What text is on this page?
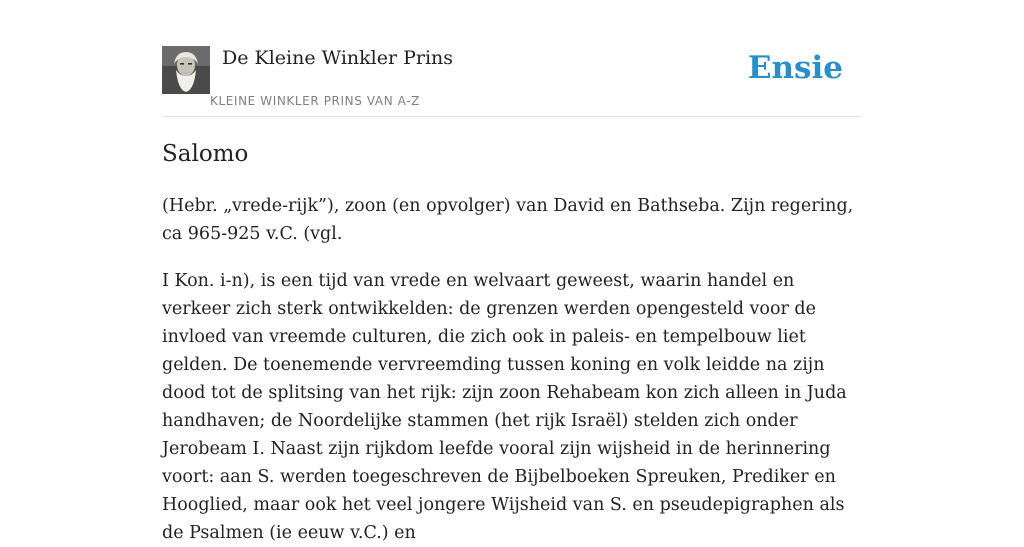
De Kleine Winkler Prins
KLEINE WINKLER PRINS VAN A-Z
Ensie
Salomo

(Hebr. „vrede-rijk”), zoon (en opvolger) van David en Bathseba. Zijn regering, ca 965-925 v.C. (vgl.

I Kon. i-n), is een tijd van vrede en welvaart geweest, waarin handel en verkeer zich sterk ontwikkelden: de grenzen werden opengesteld voor de invloed van vreemde culturen, die zich ook in paleis- en tempelbouw liet gelden. De toenemende vervreemding tussen koning en volk leidde na zijn dood tot de splitsing van het rijk: zijn zoon Rehabeam kon zich alleen in Juda handhaven; de Noordelijke stammen (het rijk Israël) stelden zich onder Jerobeam I. Naast zijn rijkdom leefde vooral zijn wijsheid in de herinnering voort: aan S. werden toegeschreven de Bijbelboeken Spreuken, Prediker en Hooglied, maar ook het veel jongere Wijsheid van S. en pseudepigraphen als de Psalmen (ie eeuw v.C.) en
